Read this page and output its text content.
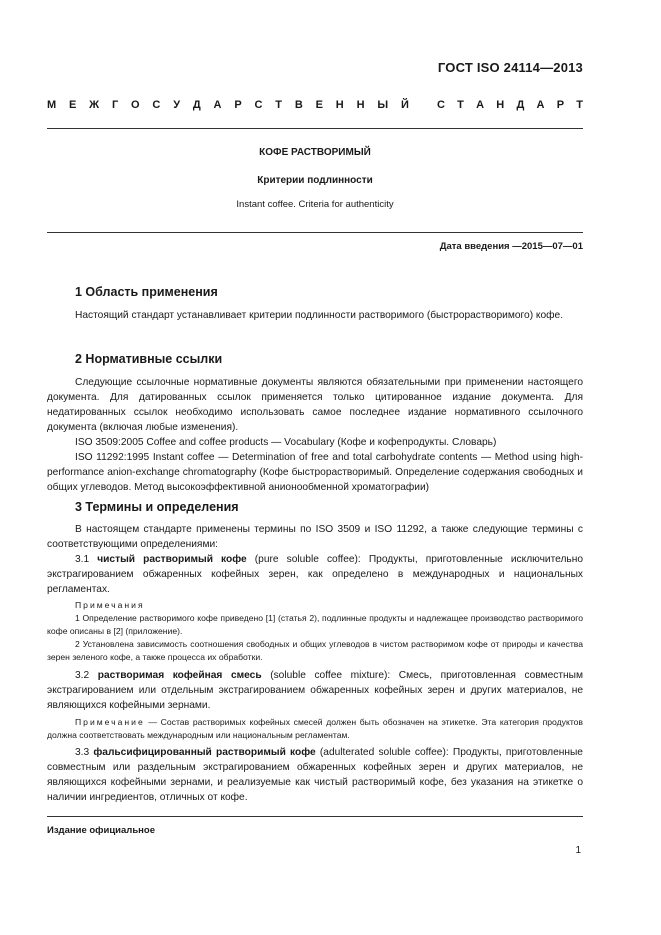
ГОСТ ISO 24114—2013
М Е Ж Г О С У Д А Р С Т В Е Н Н Ы Й	С Т А Н Д А Р Т
КОФЕ РАСТВОРИМЫЙ
Критерии подлинности
Instant coffee. Criteria for authenticity
Дата введения —2015—07—01
1 Область применения

Настоящий стандарт устанавливает критерии подлинности растворимого (быстрорастворимого) кофе.

2 Нормативные ссылки

Следующие ссылочные нормативные документы являются обязательными при применении настоящего документа. Для датированных ссылок применяется только цитированное издание документа. Для недатированных ссылок необходимо использовать самое последнее издание нормативного ссылочного документа (включая любые изменения).

ISO 3509:2005 Coffee and coffee products — Vocabulary (Кофе и кофепродукты. Словарь)

ISO 11292:1995 Instant coffee — Determination of free and total carbohydrate contents — Method using high-performance anion-exchange chromatography (Кофе быстрорастворимый. Определение содержания свободных и общих углеводов. Метод высокоэффективной анионообменной хроматографии)

3 Термины и определения

В настоящем стандарте применены термины по ISO 3509 и ISO 11292, а также следующие термины с соответствующими определениями:

3.1 чистый растворимый кофе (pure soluble coffee): Продукты, приготовленные исключительно экстрагированием обжаренных кофейных зерен, как определено в международных и национальных регламентах.

Примечания

1 Определение растворимого кофе приведено [1] (статья 2), подлинные продукты и надлежащее производство растворимого кофе описаны в [2] (приложение).

2 Установлена зависимость соотношения свободных и общих углеводов в чистом растворимом кофе от природы и качества зерен зеленого кофе, а также процесса их обработки.

3.2 растворимая кофейная смесь (soluble coffee mixture): Смесь, приготовленная совместным экстрагированием или отдельным экстрагированием обжаренных кофейных зерен и других материалов, не являющихся кофейными зернами.

Примечание — Состав растворимых кофейных смесей должен быть обозначен на этикетке. Эта категория продуктов должна соответствовать международным или национальным регламентам.

3.3 фальсифицированный растворимый кофе (adulterated soluble coffee): Продукты, приготовленные совместным или раздельным экстрагированием обжаренных кофейных зерен и других материалов, не являющихся кофейными зернами, и реализуемые как чистый растворимый кофе, без указания на этикетке о наличии ингредиентов, отличных от кофе.

Издание официальное
1
